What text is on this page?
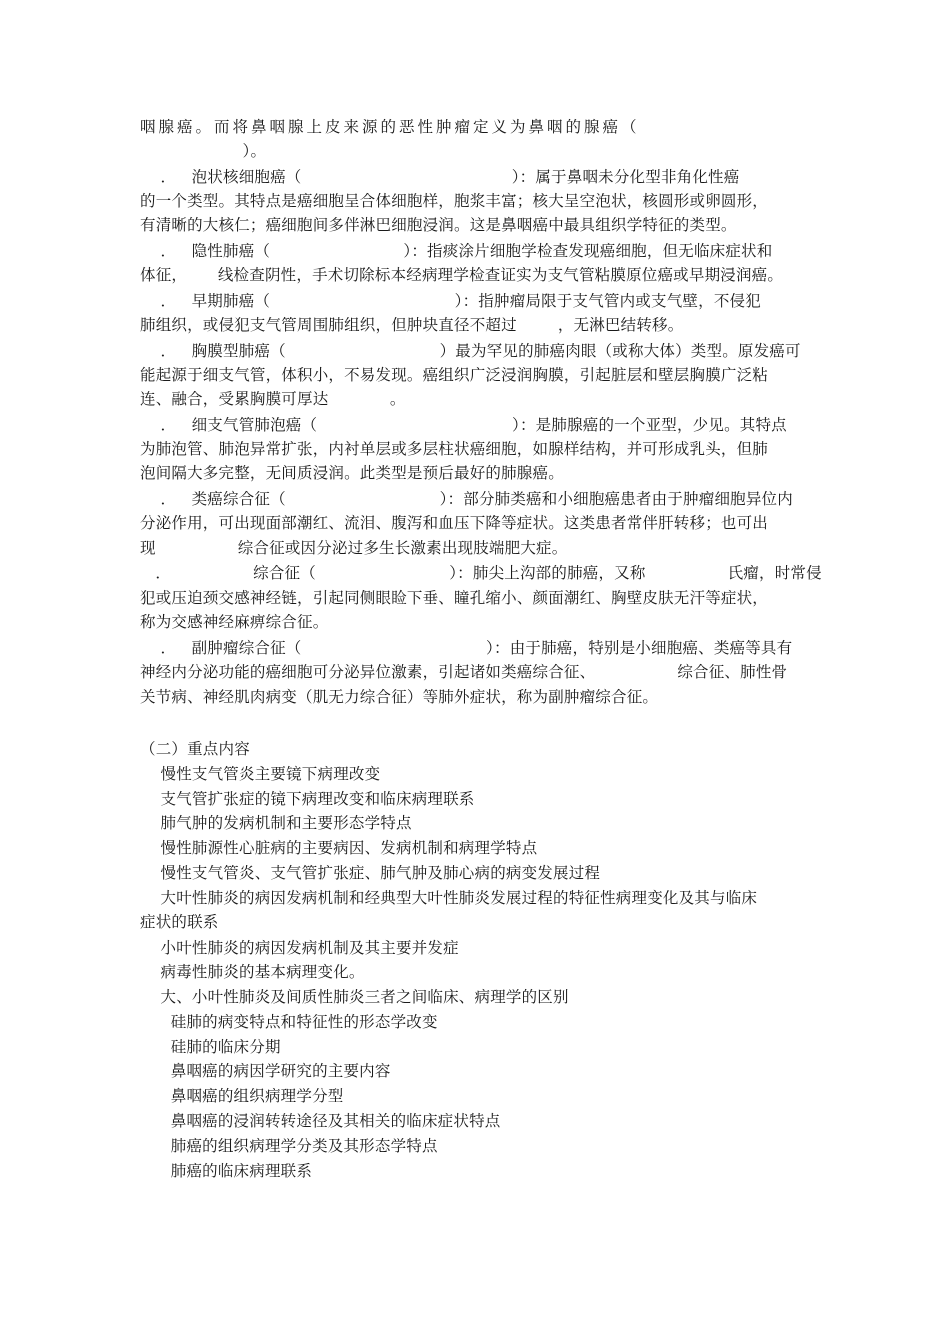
咽腺癌。而将鼻咽腺上皮来源的恶性肿瘤定义为鼻咽的腺癌（
）。
．   泡状核细胞癌（                                         ）：属于鼻咽未分化型非角化性癌
的一个类型。其特点是癌细胞呈合体细胞样，胞浆丰富；核大呈空泡状，核圆形或卵圆形，
有清晰的大核仁；癌细胞间多伴淋巴细胞浸润。这是鼻咽癌中最具组织学特征的类型。
．   隐性肺癌（                          ）：指痰涂片细胞学检查发现癌细胞，但无临床症状和
体征，      线检查阴性，手术切除标本经病理学检查证实为支气管粘膜原位癌或早期浸润癌。
．   早期肺癌（                                    ）：指肿瘤局限于支气管内或支气壁，不侵犯
肺组织，或侵犯支气管周围肺组织，但肿块直径不超过        ，无淋巴结转移。
．   胸膜型肺癌（                              ）最为罕见的肺癌肉眼（或称大体）类型。原发癌可
能起源于细支气管，体积小，不易发现。癌组织广泛浸润胸膜，引起脏层和壁层胸膜广泛粘
连、融合，受累胸膜可厚达            。
．   细支气管肺泡癌（                                      ）：是肺腺癌的一个亚型，少见。其特点
为肺泡管、肺泡异常扩张，内衬单层或多层柱状癌细胞，如腺样结构，并可形成乳头，但肺
泡间隔大多完整，无间质浸润。此类型是预后最好的肺腺癌。
．   类癌综合征（                              ）：部分肺类癌和小细胞癌患者由于肿瘤细胞异位内
分泌作用，可出现面部潮红、流泪、腹泻和血压下降等症状。这类患者常伴肝转移；也可出
现                综合征或因分泌过多生长激素出现肢端肥大症。
．                综合征（                          ）：肺尖上沟部的肺癌，又称                氏瘤，时常侵
犯或压迫颈交感神经链，引起同侧眼睑下垂、瞳孔缩小、颜面潮红、胸壁皮肤无汗等症状，
称为交感神经麻痹综合征。
．   副肿瘤综合征（                                    ）：由于肺癌，特别是小细胞癌、类癌等具有
神经内分泌功能的癌细胞可分泌异位激素，引起诸如类癌综合征、                综合征、肺性骨
关节病、神经肌肉病变（肌无力综合征）等肺外症状，称为副肿瘤综合征。
（二）重点内容
慢性支气管炎主要镜下病理改变
支气管扩张症的镜下病理改变和临床病理联系
肺气肿的发病机制和主要形态学特点
慢性肺源性心脏病的主要病因、发病机制和病理学特点
慢性支气管炎、支气管扩张症、肺气肿及肺心病的病变发展过程
大叶性肺炎的病因发病机制和经典型大叶性肺炎发展过程的特征性病理变化及其与临床
症状的联系
小叶性肺炎的病因发病机制及其主要并发症
病毒性肺炎的基本病理变化。
大、小叶性肺炎及间质性肺炎三者之间临床、病理学的区别
硅肺的病变特点和特征性的形态学改变
硅肺的临床分期
鼻咽癌的病因学研究的主要内容
鼻咽癌的组织病理学分型
鼻咽癌的浸润转转途径及其相关的临床症状特点
肺癌的组织病理学分类及其形态学特点
肺癌的临床病理联系
